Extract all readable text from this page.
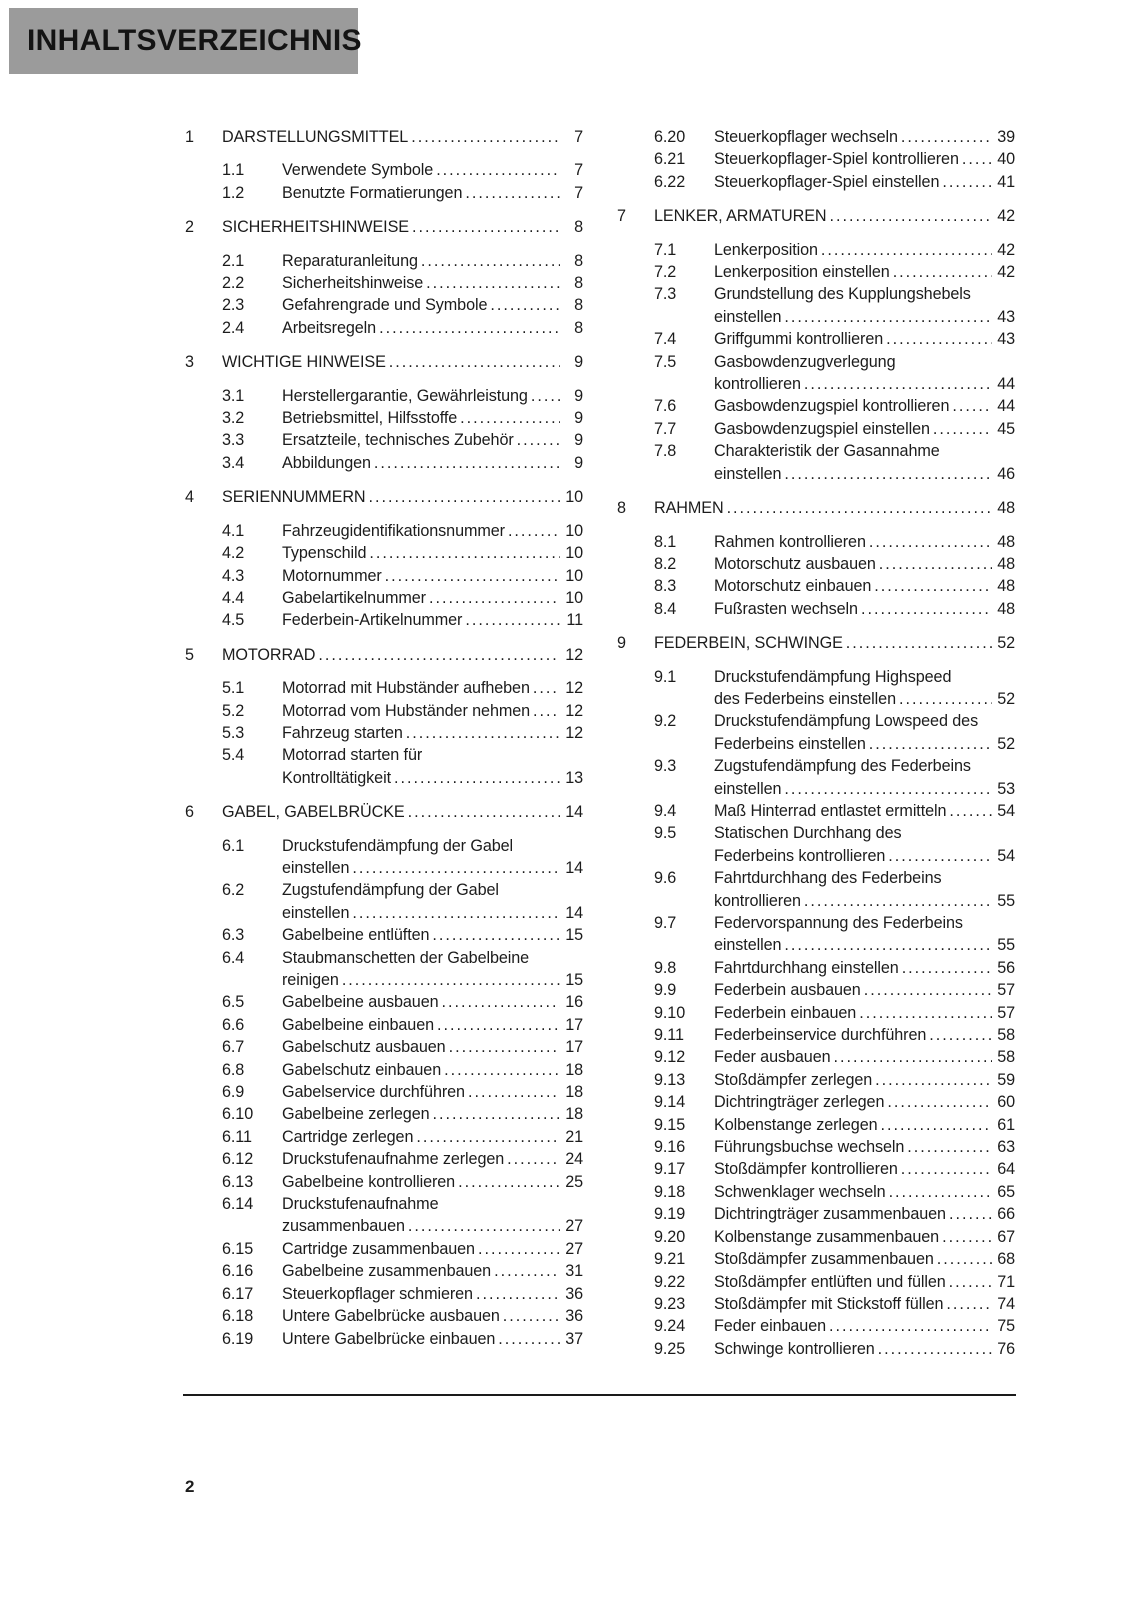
INHALTSVERZEICHNIS
1	DARSTELLUNGSMITTEL .....	7
1.1	Verwendete Symbole .....	7
1.2	Benutzte Formatierungen .....	7
2	SICHERHEITSHINWEISE .....	8
2.1	Reparaturanleitung .....	8
2.2	Sicherheitshinweise .....	8
2.3	Gefahrengrade und Symbole .....	8
2.4	Arbeitsregeln .....	8
3	WICHTIGE HINWEISE .....	9
3.1	Herstellergarantie, Gewährleistung .....	9
3.2	Betriebsmittel, Hilfsstoffe .....	9
3.3	Ersatzteile, technisches Zubehör .....	9
3.4	Abbildungen .....	9
4	SERIENNUMMERN .....	10
4.1	Fahrzeugidentifikationsnummer .....	10
4.2	Typenschild .....	10
4.3	Motornummer .....	10
4.4	Gabelartikelnummer .....	10
4.5	Federbein-Artikelnummer .....	11
5	MOTORRAD .....	12
5.1	Motorrad mit Hubständer aufheben ..... 12
5.2	Motorrad vom Hubständer nehmen ..... 12
5.3	Fahrzeug starten .....	12
5.4	Motorrad starten für
Kontrolltätigkeit .....	13
6	GABEL, GABELBRÜCKE .....	14
6.1	Druckstufendämpfung der Gabel
einstellen .....	14
6.2	Zugstufendämpfung der Gabel
einstellen .....	14
6.3	Gabelbeine entlüften .....	15
6.4	Staubmanschetten der Gabelbeine
reinigen .....	15
6.5	Gabelbeine ausbauen .....	16
6.6	Gabelbeine einbauen .....	17
6.7	Gabelschutz ausbauen .....	17
6.8	Gabelschutz einbauen .....	18
6.9	Gabelservice durchführen .....	18
6.10	Gabelbeine zerlegen .....	18
6.11	Cartridge zerlegen .....	21
6.12	Druckstufenaufnahme zerlegen .....	24
6.13	Gabelbeine kontrollieren .....	25
6.14	Druckstufenaufnahme
zusammenbauen .....	27
6.15	Cartridge zusammenbauen .....	27
6.16	Gabelbeine zusammenbauen .....	31
6.17	Steuerkopflager schmieren .....	36
6.18	Untere Gabelbrücke ausbauen .....	36
6.19	Untere Gabelbrücke einbauen .....	37
6.20	Steuerkopflager wechseln .....	39
6.21	Steuerkopflager-Spiel kontrollieren ..... 40
6.22	Steuerkopflager-Spiel einstellen .....	41
7	LENKER, ARMATUREN .....	42
7.1	Lenkerposition .....	42
7.2	Lenkerposition einstellen .....	42
7.3	Grundstellung des Kupplungshebels
einstellen .....	43
7.4	Griffgummi kontrollieren .....	43
7.5	Gasbowdenzugverlegung
kontrollieren .....	44
7.6	Gasbowdenzugspiel kontrollieren .....	44
7.7	Gasbowdenzugspiel einstellen .....	45
7.8	Charakteristik der Gasannahme
einstellen .....	46
8	RAHMEN .....	48
8.1	Rahmen kontrollieren .....	48
8.2	Motorschutz ausbauen .....	48
8.3	Motorschutz einbauen .....	48
8.4	Fußrasten wechseln .....	48
9	FEDERBEIN, SCHWINGE .....	52
9.1	Druckstufendämpfung Highspeed
des Federbeins einstellen .....	52
9.2	Druckstufendämpfung Lowspeed des
Federbeins einstellen .....	52
9.3	Zugstufendämpfung des Federbeins
einstellen .....	53
9.4	Maß Hinterrad entlastet ermitteln .....	54
9.5	Statischen Durchhang des
Federbeins kontrollieren .....	54
9.6	Fahrtdurchhang des Federbeins
kontrollieren .....	55
9.7	Federvorspannung des Federbeins
einstellen .....	55
9.8	Fahrtdurchhang einstellen .....	56
9.9	Federbein ausbauen .....	57
9.10	Federbein einbauen .....	57
9.11	Federbeinservice durchführen .....	58
9.12	Feder ausbauen .....	58
9.13	Stoßdämpfer zerlegen .....	59
9.14	Dichtringträger zerlegen .....	60
9.15	Kolbenstange zerlegen .....	61
9.16	Führungsbuchse wechseln .....	63
9.17	Stoßdämpfer kontrollieren .....	64
9.18	Schwenklager wechseln .....	65
9.19	Dichtringträger zusammenbauen .....	66
9.20	Kolbenstange zusammenbauen .....	67
9.21	Stoßdämpfer zusammenbauen .....	68
9.22	Stoßdämpfer entlüften und füllen .....	71
9.23	Stoßdämpfer mit Stickstoff füllen .....	74
9.24	Feder einbauen .....	75
9.25	Schwinge kontrollieren .....	76
2
